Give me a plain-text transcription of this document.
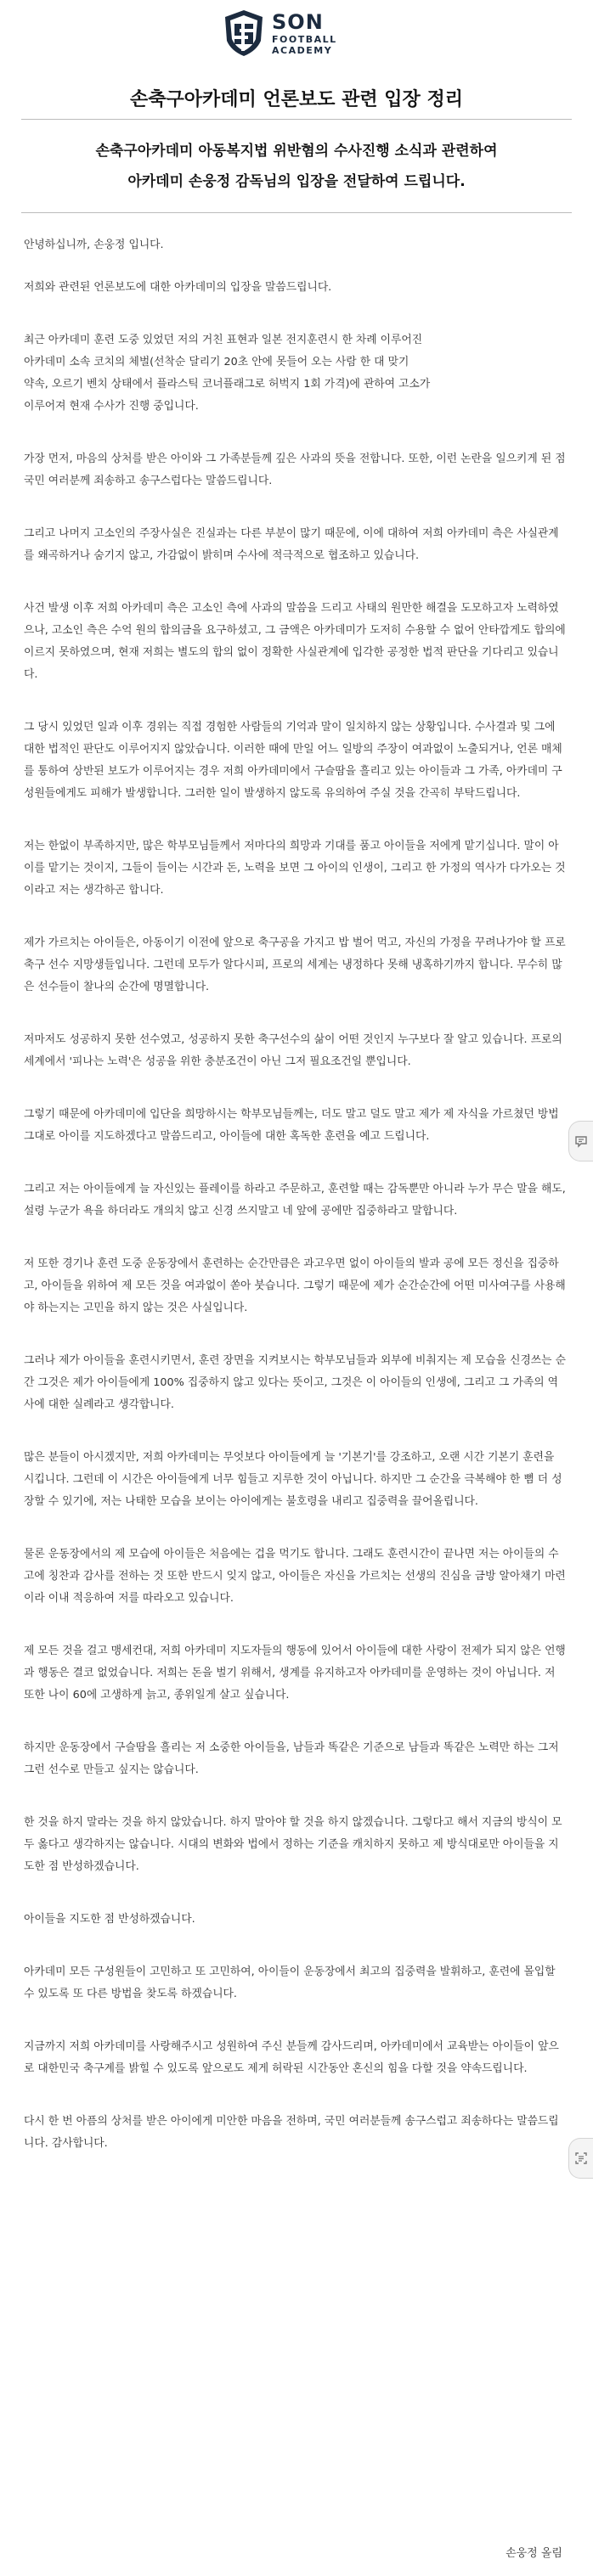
SON
FOOTBALL
ACADEMY
손축구아카데미 언론보도 관련 입장 정리
손축구아카데미 아동복지법 위반혐의 수사진행 소식과 관련하여
아카데미 손웅정 감독님의 입장을 전달하여 드립니다.

안녕하십니까, 손웅정 입니다.

저희와 관련된 언론보도에 대한 아카데미의 입장을 말씀드립니다.

최근 아카데미 훈련 도중 있었던 저의 거친 표현과 일본 전지훈련시 한 차례 이루어진
아카데미 소속 코치의 체벌(선착순 달리기 20초 안에 못들어 오는 사람 한 대 맞기
약속, 오르기 벤치 상태에서 플라스틱 코너플래그로 허벅지 1회 가격)에 관하여 고소가
이루어져 현재 수사가 진행 중입니다.

가장 먼저, 마음의 상처를 받은 아이와 그 가족분들께 깊은 사과의 뜻을 전합니다. 또한, 이런 논란을 일으키게 된 점 국민 여러분께 죄송하고 송구스럽다는 말씀드립니다.

그리고 나머지 고소인의 주장사실은 진실과는 다른 부분이 많기 때문에, 이에 대하여 저희 아카데미 측은 사실관계를 왜곡하거나 숨기지 않고, 가감없이 밝히며 수사에 적극적으로 협조하고 있습니다.

사건 발생 이후 저희 아카데미 측은 고소인 측에 사과의 말씀을 드리고 사태의 원만한 해결을 도모하고자 노력하였으나, 고소인 측은 수억 원의 합의금을 요구하셨고, 그 금액은 아카데미가 도저히 수용할 수 없어 안타깝게도 합의에 이르지 못하였으며, 현재 저희는 별도의 합의 없이 정확한 사실관계에 입각한 공정한 법적 판단을 기다리고 있습니다.

그 당시 있었던 일과 이후 경위는 직접 경험한 사람들의 기억과 말이 일치하지 않는 상황입니다. 수사결과 및 그에 대한 법적인 판단도 이루어지지 않았습니다. 이러한 때에 만일 어느 일방의 주장이 여과없이 노출되거나, 언론 매체를 통하여 상반된 보도가 이루어지는 경우 저희 아카데미에서 구슬땀을 흘리고 있는 아이들과 그 가족, 아카데미 구성원들에게도 피해가 발생합니다. 그러한 일이 발생하지 않도록 유의하여 주실 것을 간곡히 부탁드립니다.

저는 한없이 부족하지만, 많은 학부모님들께서 저마다의 희망과 기대를 품고 아이들을 저에게 맡기십니다. 말이 아이를 맡기는 것이지, 그들이 들이는 시간과 돈, 노력을 보면 그 아이의 인생이, 그리고 한 가정의 역사가 다가오는 것이라고 저는 생각하곤 합니다.

제가 가르치는 아이들은, 아동이기 이전에 앞으로 축구공을 가지고 밥 벌어 먹고, 자신의 가정을 꾸려나가야 할 프로축구 선수 지망생들입니다. 그런데 모두가 알다시피, 프로의 세계는 냉정하다 못해 냉혹하기까지 합니다. 무수히 많은 선수들이 찰나의 순간에 명멸합니다.

저마저도 성공하지 못한 선수였고, 성공하지 못한 축구선수의 삶이 어떤 것인지 누구보다 잘 알고 있습니다. 프로의 세계에서 '피나는 노력'은 성공을 위한 충분조건이 아닌 그저 필요조건일 뿐입니다.

그렇기 때문에 아카데미에 입단을 희망하시는 학부모님들께는, 더도 말고 덜도 말고 제가 제 자식을 가르쳤던 방법 그대로 아이를 지도하겠다고 말씀드리고, 아이들에 대한 혹독한 훈련을 예고 드립니다.

그리고 저는 아이들에게 늘 자신있는 플레이를 하라고 주문하고, 훈련할 때는 감독뿐만 아니라 누가 무슨 말을 해도, 설령 누군가 욕을 하더라도 개의치 않고 신경 쓰지말고 네 앞에 공에만 집중하라고 말합니다.

저 또한 경기나 훈련 도중 운동장에서 훈련하는 순간만큼은 과고우면 없이 아이들의 발과 공에 모든 정신을 집중하고, 아이들을 위하여 제 모든 것을 여과없이 쏟아 붓습니다. 그렇기 때문에 제가 순간순간에 어떤 미사여구를 사용해야 하는지는 고민을 하지 않는 것은 사실입니다.

그러나 제가 아이들을 훈련시키면서, 훈련 장면을 지켜보시는 학부모님들과 외부에 비춰지는 제 모습을 신경쓰는 순간 그것은 제가 아이들에게 100% 집중하지 않고 있다는 뜻이고, 그것은 이 아이들의 인생에, 그리고 그 가족의 역사에 대한 실례라고 생각합니다.

많은 분들이 아시겠지만, 저희 아카데미는 무엇보다 아이들에게 늘 '기본기'를 강조하고, 오랜 시간 기본기 훈련을 시킵니다. 그런데 이 시간은 아이들에게 너무 힘들고 지루한 것이 아닙니다. 하지만 그 순간을 극복해야 한 뼘 더 성장할 수 있기에, 저는 나태한 모습을 보이는 아이에게는 불호령을 내리고 집중력을 끌어올립니다.

물론 운동장에서의 제 모습에 아이들은 처음에는 겁을 먹기도 합니다. 그래도 훈련시간이 끝나면 저는 아이들의 수고에 칭찬과 감사를 전하는 것 또한 반드시 잊지 않고, 아이들은 자신을 가르치는 선생의 진심을 금방 알아채기 마련이라 이내 적응하여 저를 따라오고 있습니다.

제 모든 것을 걸고 맹세컨대, 저희 아카데미 지도자들의 행동에 있어서 아이들에 대한 사랑이 전제가 되지 않은 언행과 행동은 결코 없었습니다. 저희는 돈을 벌기 위해서, 생계를 유지하고자 아카데미를 운영하는 것이 아닙니다. 저 또한 나이 60에 고생하게 늙고, 종위일게 살고 싶습니다.

하지만 운동장에서 구슬땀을 흘리는 저 소중한 아이들을, 남들과 똑같은 기준으로 남들과 똑같은 노력만 하는 그저 그런 선수로 만들고 싶지는 않습니다.

한 것을 하지 말라는 것을 하지 않았습니다. 하지 말아야 할 것을 하지 않겠습니다. 그렇다고 해서 지금의 방식이 모두 옳다고 생각하지는 않습니다. 시대의 변화와 법에서 정하는 기준을 캐치하지 못하고 제 방식대로만 아이들을 지도한 점 반성하겠습니다.

아이들을 지도한 점 반성하겠습니다.

아카데미 모든 구성원들이 고민하고 또 고민하여, 아이들이 운동장에서 최고의 집중력을 발휘하고, 훈련에 몰입할 수 있도록 또 다른 방법을 찾도록 하겠습니다.

지금까지 저희 아카데미를 사랑해주시고 성원하여 주신 분들께 감사드리며, 아카데미에서 교육받는 아이들이 앞으로 대한민국 축구계를 밝힐 수 있도록 앞으로도 제게 허락된 시간동안 혼신의 힘을 다할 것을 약속드립니다.

다시 한 번 아픔의 상처를 받은 아이에게 미안한 마음을 전하며, 국민 여러분들께 송구스럽고 죄송하다는 말씀드립니다. 감사합니다.

손웅정 올림
